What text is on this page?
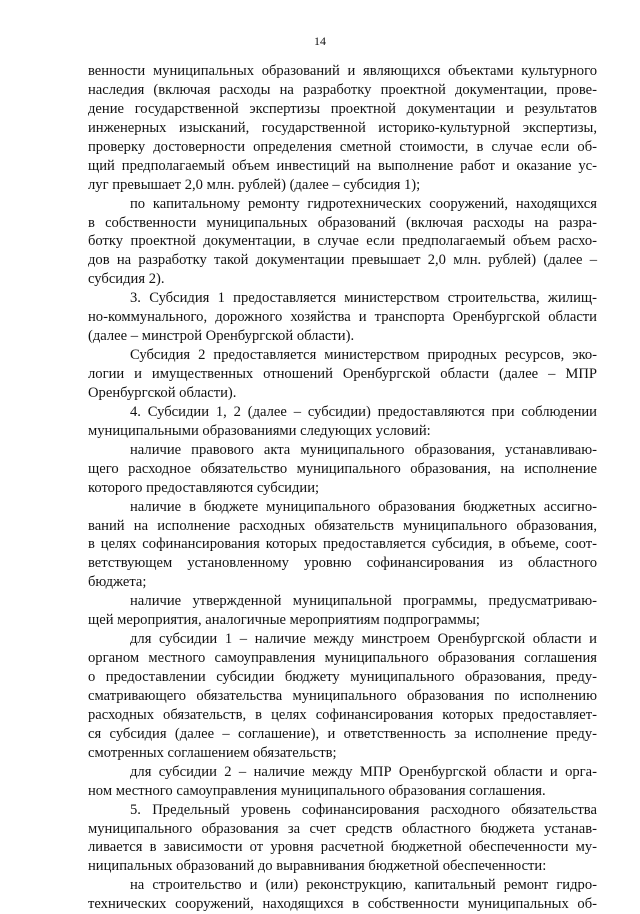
14
венности муниципальных образований и являющихся объектами культурного
наследия (включая расходы на разработку проектной документации, прове-
дение государственной экспертизы проектной документации и результатов
инженерных изысканий, государственной историко-культурной экспертизы,
проверку достоверности определения сметной стоимости, в случае если об-
щий предполагаемый объем инвестиций на выполнение работ и оказание ус-
луг превышает 2,0 млн. рублей) (далее – субсидия 1);
по капитальному ремонту гидротехнических сооружений, находящихся
в собственности муниципальных образований (включая расходы на разра-
ботку проектной документации, в случае если предполагаемый объем расхо-
дов на разработку такой документации превышает 2,0 млн. рублей) (далее –
субсидия 2).
3. Субсидия 1 предоставляется министерством строительства, жилищ-
но-коммунального, дорожного хозяйства и транспорта Оренбургской области
(далее – минстрой Оренбургской области).
Субсидия 2 предоставляется министерством природных ресурсов, эко-
логии и имущественных отношений Оренбургской области (далее – МПР
Оренбургской области).
4. Субсидии 1, 2 (далее – субсидии) предоставляются при соблюдении
муниципальными образованиями следующих условий:
наличие правового акта муниципального образования, устанавливаю-
щего расходное обязательство муниципального образования, на исполнение
которого предоставляются субсидии;
наличие в бюджете муниципального образования бюджетных ассигно-
ваний на исполнение расходных обязательств муниципального образования,
в целях софинансирования которых предоставляется субсидия, в объеме, соот-
ветствующем установленному уровню софинансирования из областного
бюджета;
наличие утвержденной муниципальной программы, предусматриваю-
щей мероприятия, аналогичные мероприятиям подпрограммы;
для субсидии 1 – наличие между минстроем Оренбургской области и
органом местного самоуправления муниципального образования соглашения
о предоставлении субсидии бюджету муниципального образования, преду-
сматривающего обязательства муниципального образования по исполнению
расходных обязательств, в целях софинансирования которых предоставляет-
ся субсидия (далее – соглашение), и ответственность за исполнение преду-
смотренных соглашением обязательств;
для субсидии 2 – наличие между МПР Оренбургской области и орга-
ном местного самоуправления муниципального образования соглашения.
5. Предельный уровень софинансирования расходного обязательства
муниципального образования за счет средств областного бюджета устанав-
ливается в зависимости от уровня расчетной бюджетной обеспеченности му-
ниципальных образований до выравнивания бюджетной обеспеченности:
на строительство и (или) реконструкцию, капитальный ремонт гидро-
технических сооружений, находящихся в собственности муниципальных об-
